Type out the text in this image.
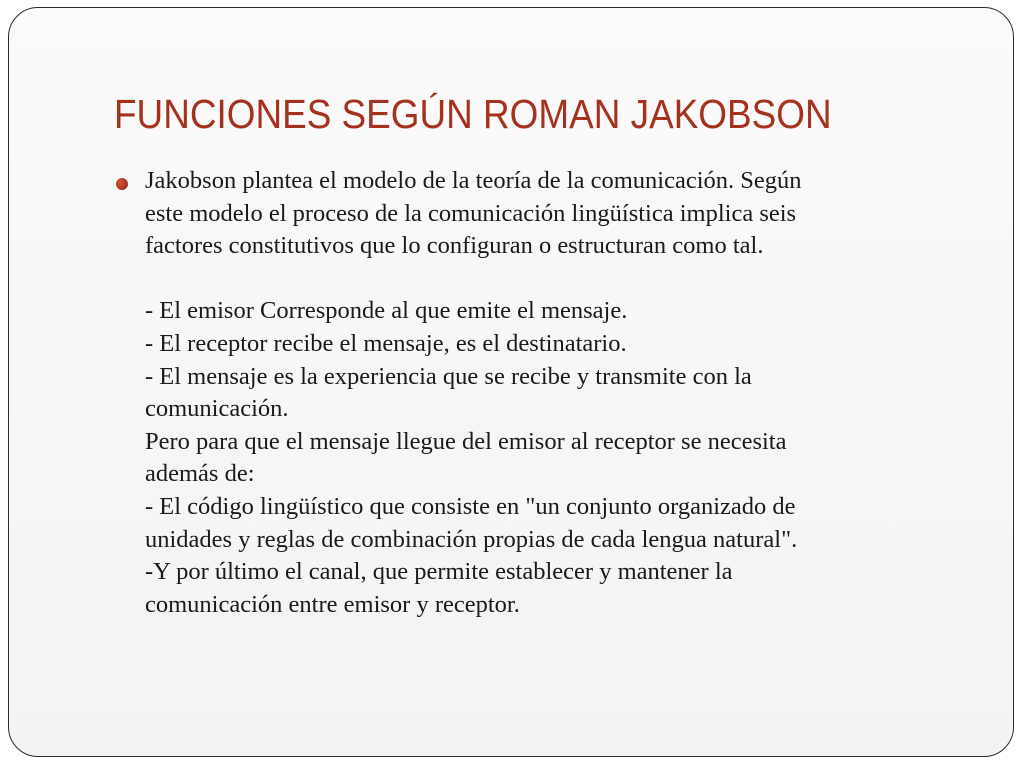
FUNCIONES SEGÚN ROMAN JAKOBSON
Jakobson plantea el modelo de la teoría de la comunicación. Según
este modelo el proceso de la comunicación lingüística implica seis
factores constitutivos que lo configuran o estructuran como tal.
- El emisor Corresponde al que emite el mensaje.
- El receptor recibe el mensaje, es el destinatario.
- El mensaje es la experiencia que se recibe y transmite con la
comunicación.
Pero para que el mensaje llegue del emisor al receptor se necesita
además de:
- El código lingüístico que consiste en "un conjunto organizado de
unidades y reglas de combinación propias de cada lengua natural".
-Y por último el canal, que permite establecer y mantener la
comunicación entre emisor y receptor.
